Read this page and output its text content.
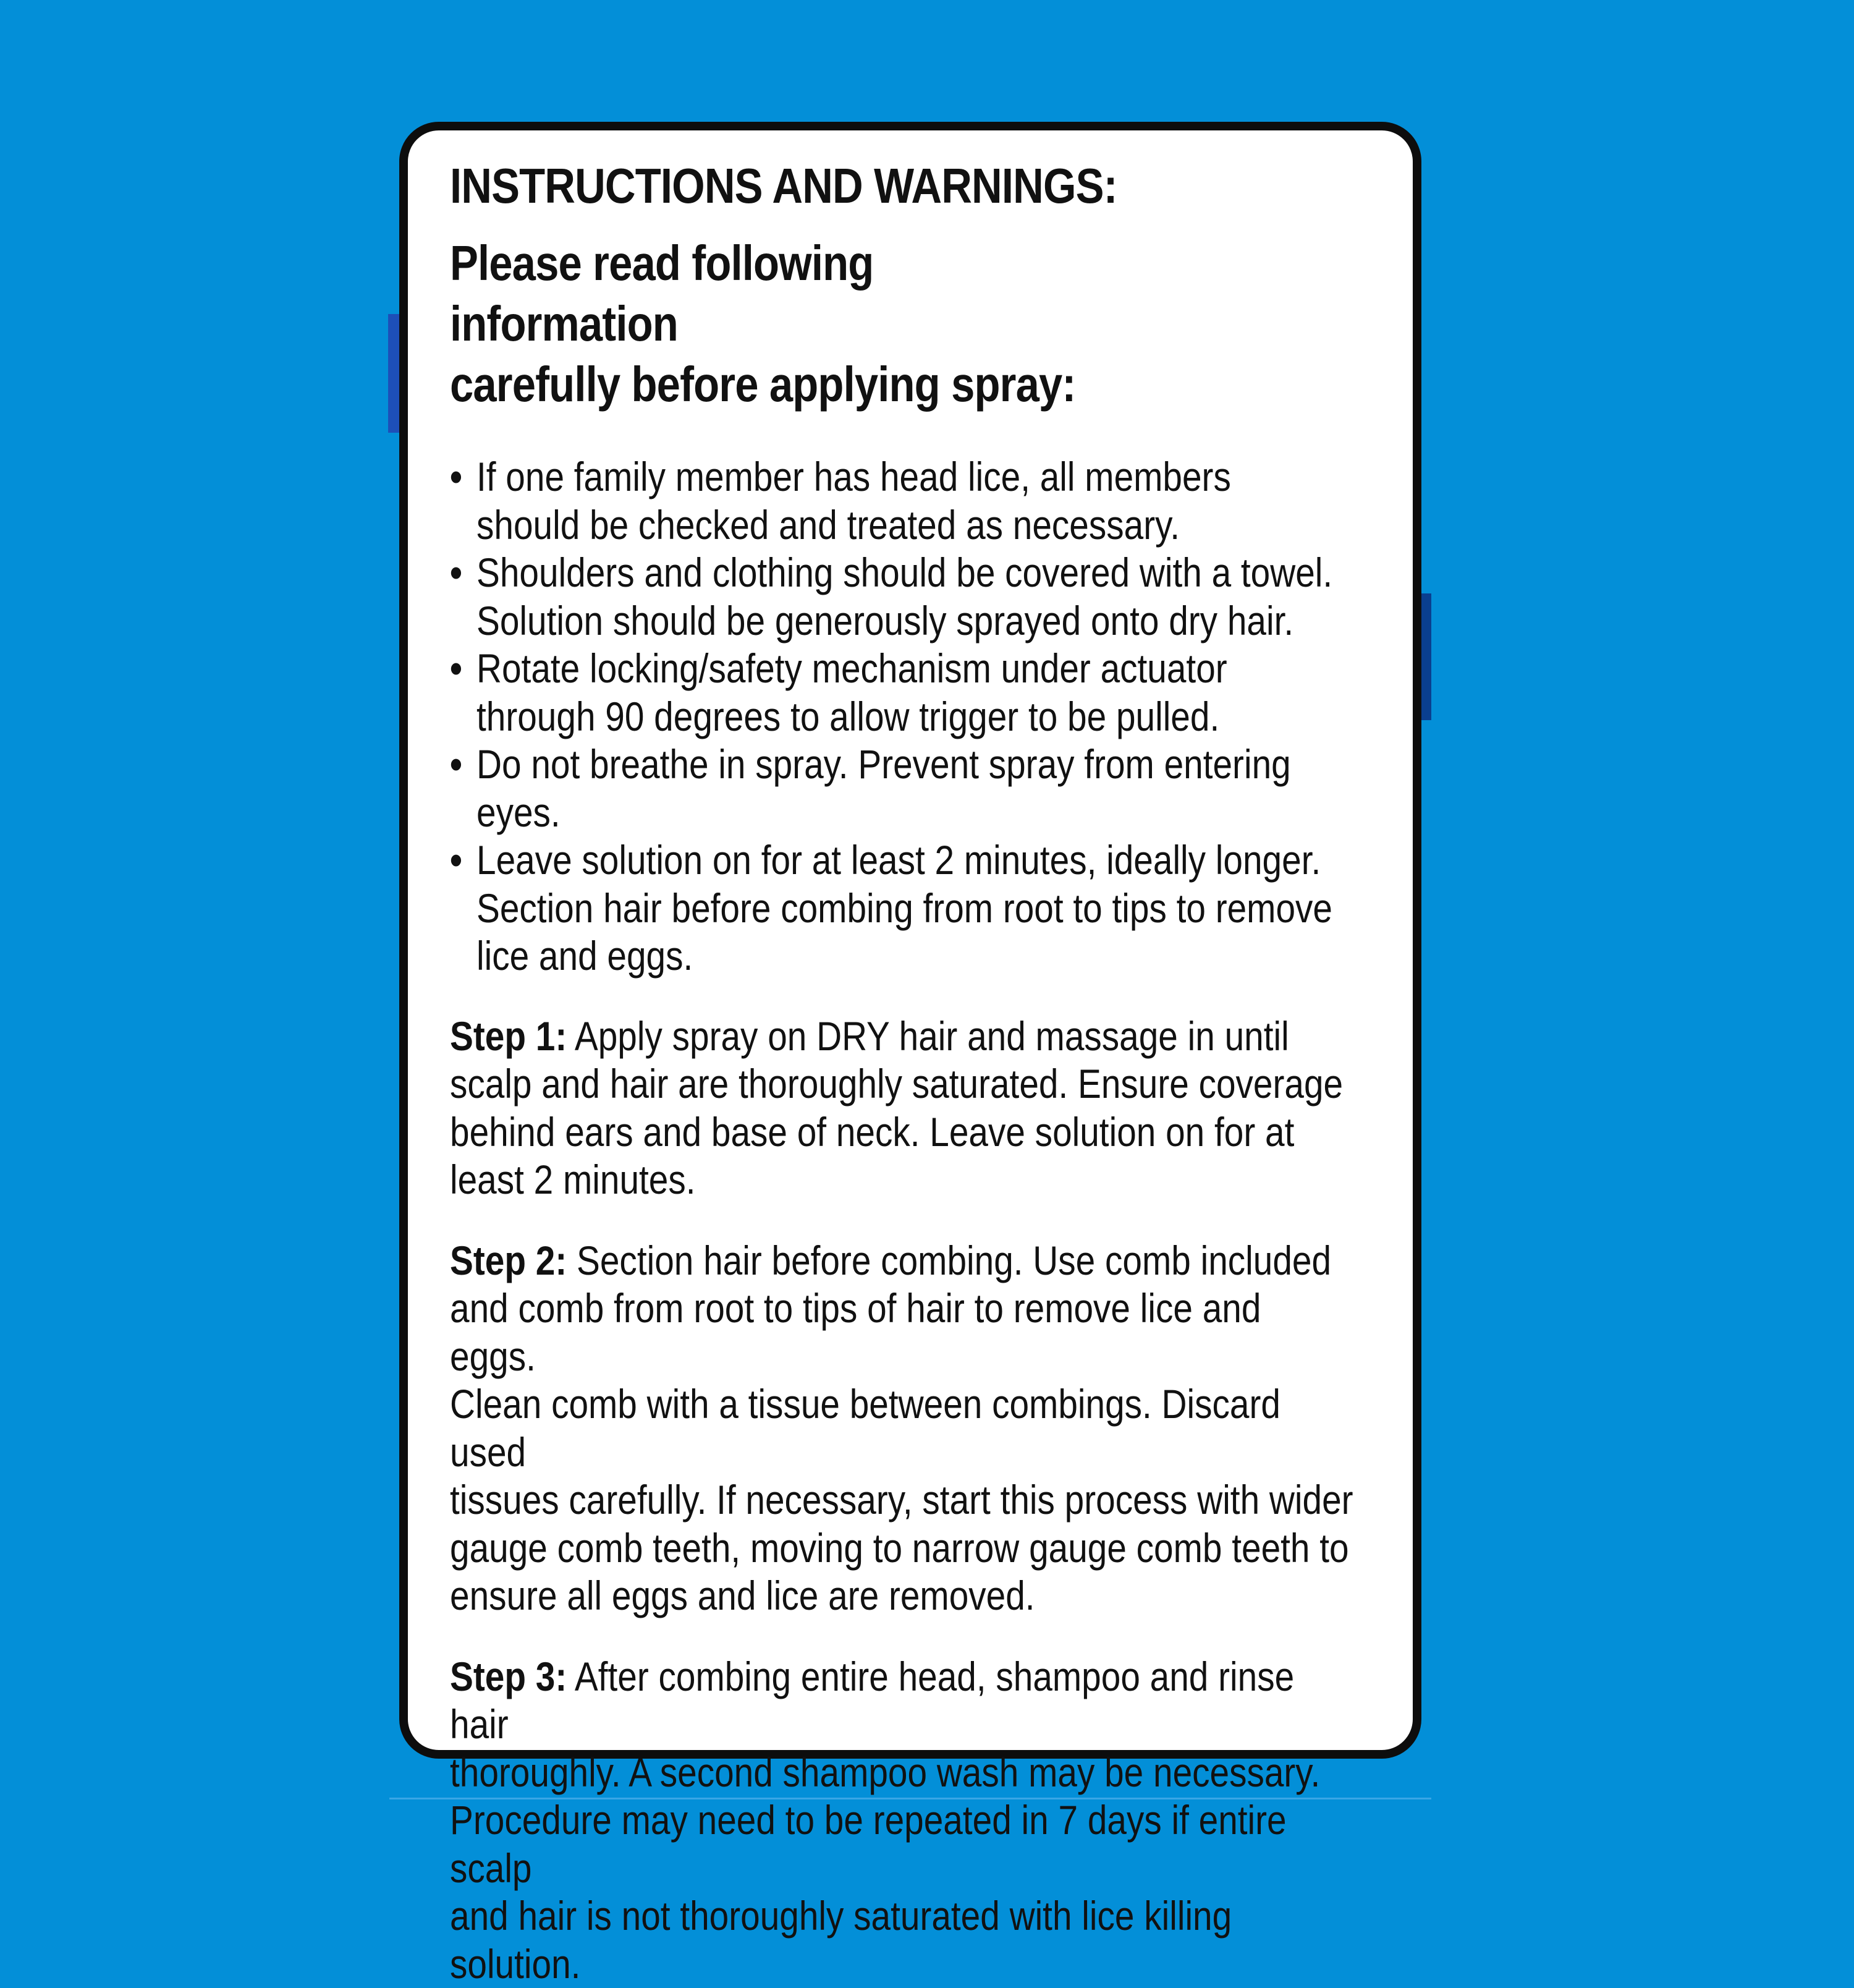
INSTRUCTIONS AND WARNINGS:
Please read following information
carefully before applying spray:
• If one family member has head lice, all members
should be checked and treated as necessary.
• Shoulders and clothing should be covered with a towel.
Solution should be generously sprayed onto dry hair.
• Rotate locking/safety mechanism under actuator
through 90 degrees to allow trigger to be pulled.
• Do not breathe in spray. Prevent spray from entering
eyes.
• Leave solution on for at least 2 minutes, ideally longer.
Section hair before combing from root to tips to remove
lice and eggs.

Step 1: Apply spray on DRY hair and massage in until
scalp and hair are thoroughly saturated. Ensure coverage
behind ears and base of neck. Leave solution on for at
least 2 minutes.

Step 2: Section hair before combing. Use comb included
and comb from root to tips of hair to remove lice and eggs.
Clean comb with a tissue between combings. Discard used
tissues carefully. If necessary, start this process with wider
gauge comb teeth, moving to narrow gauge comb teeth to
ensure all eggs and lice are removed.

Step 3: After combing entire head, shampoo and rinse hair
thoroughly. A second shampoo wash may be necessary.
Procedure may need to be repeated in 7 days if entire scalp
and hair is not thoroughly saturated with lice killing
solution.
